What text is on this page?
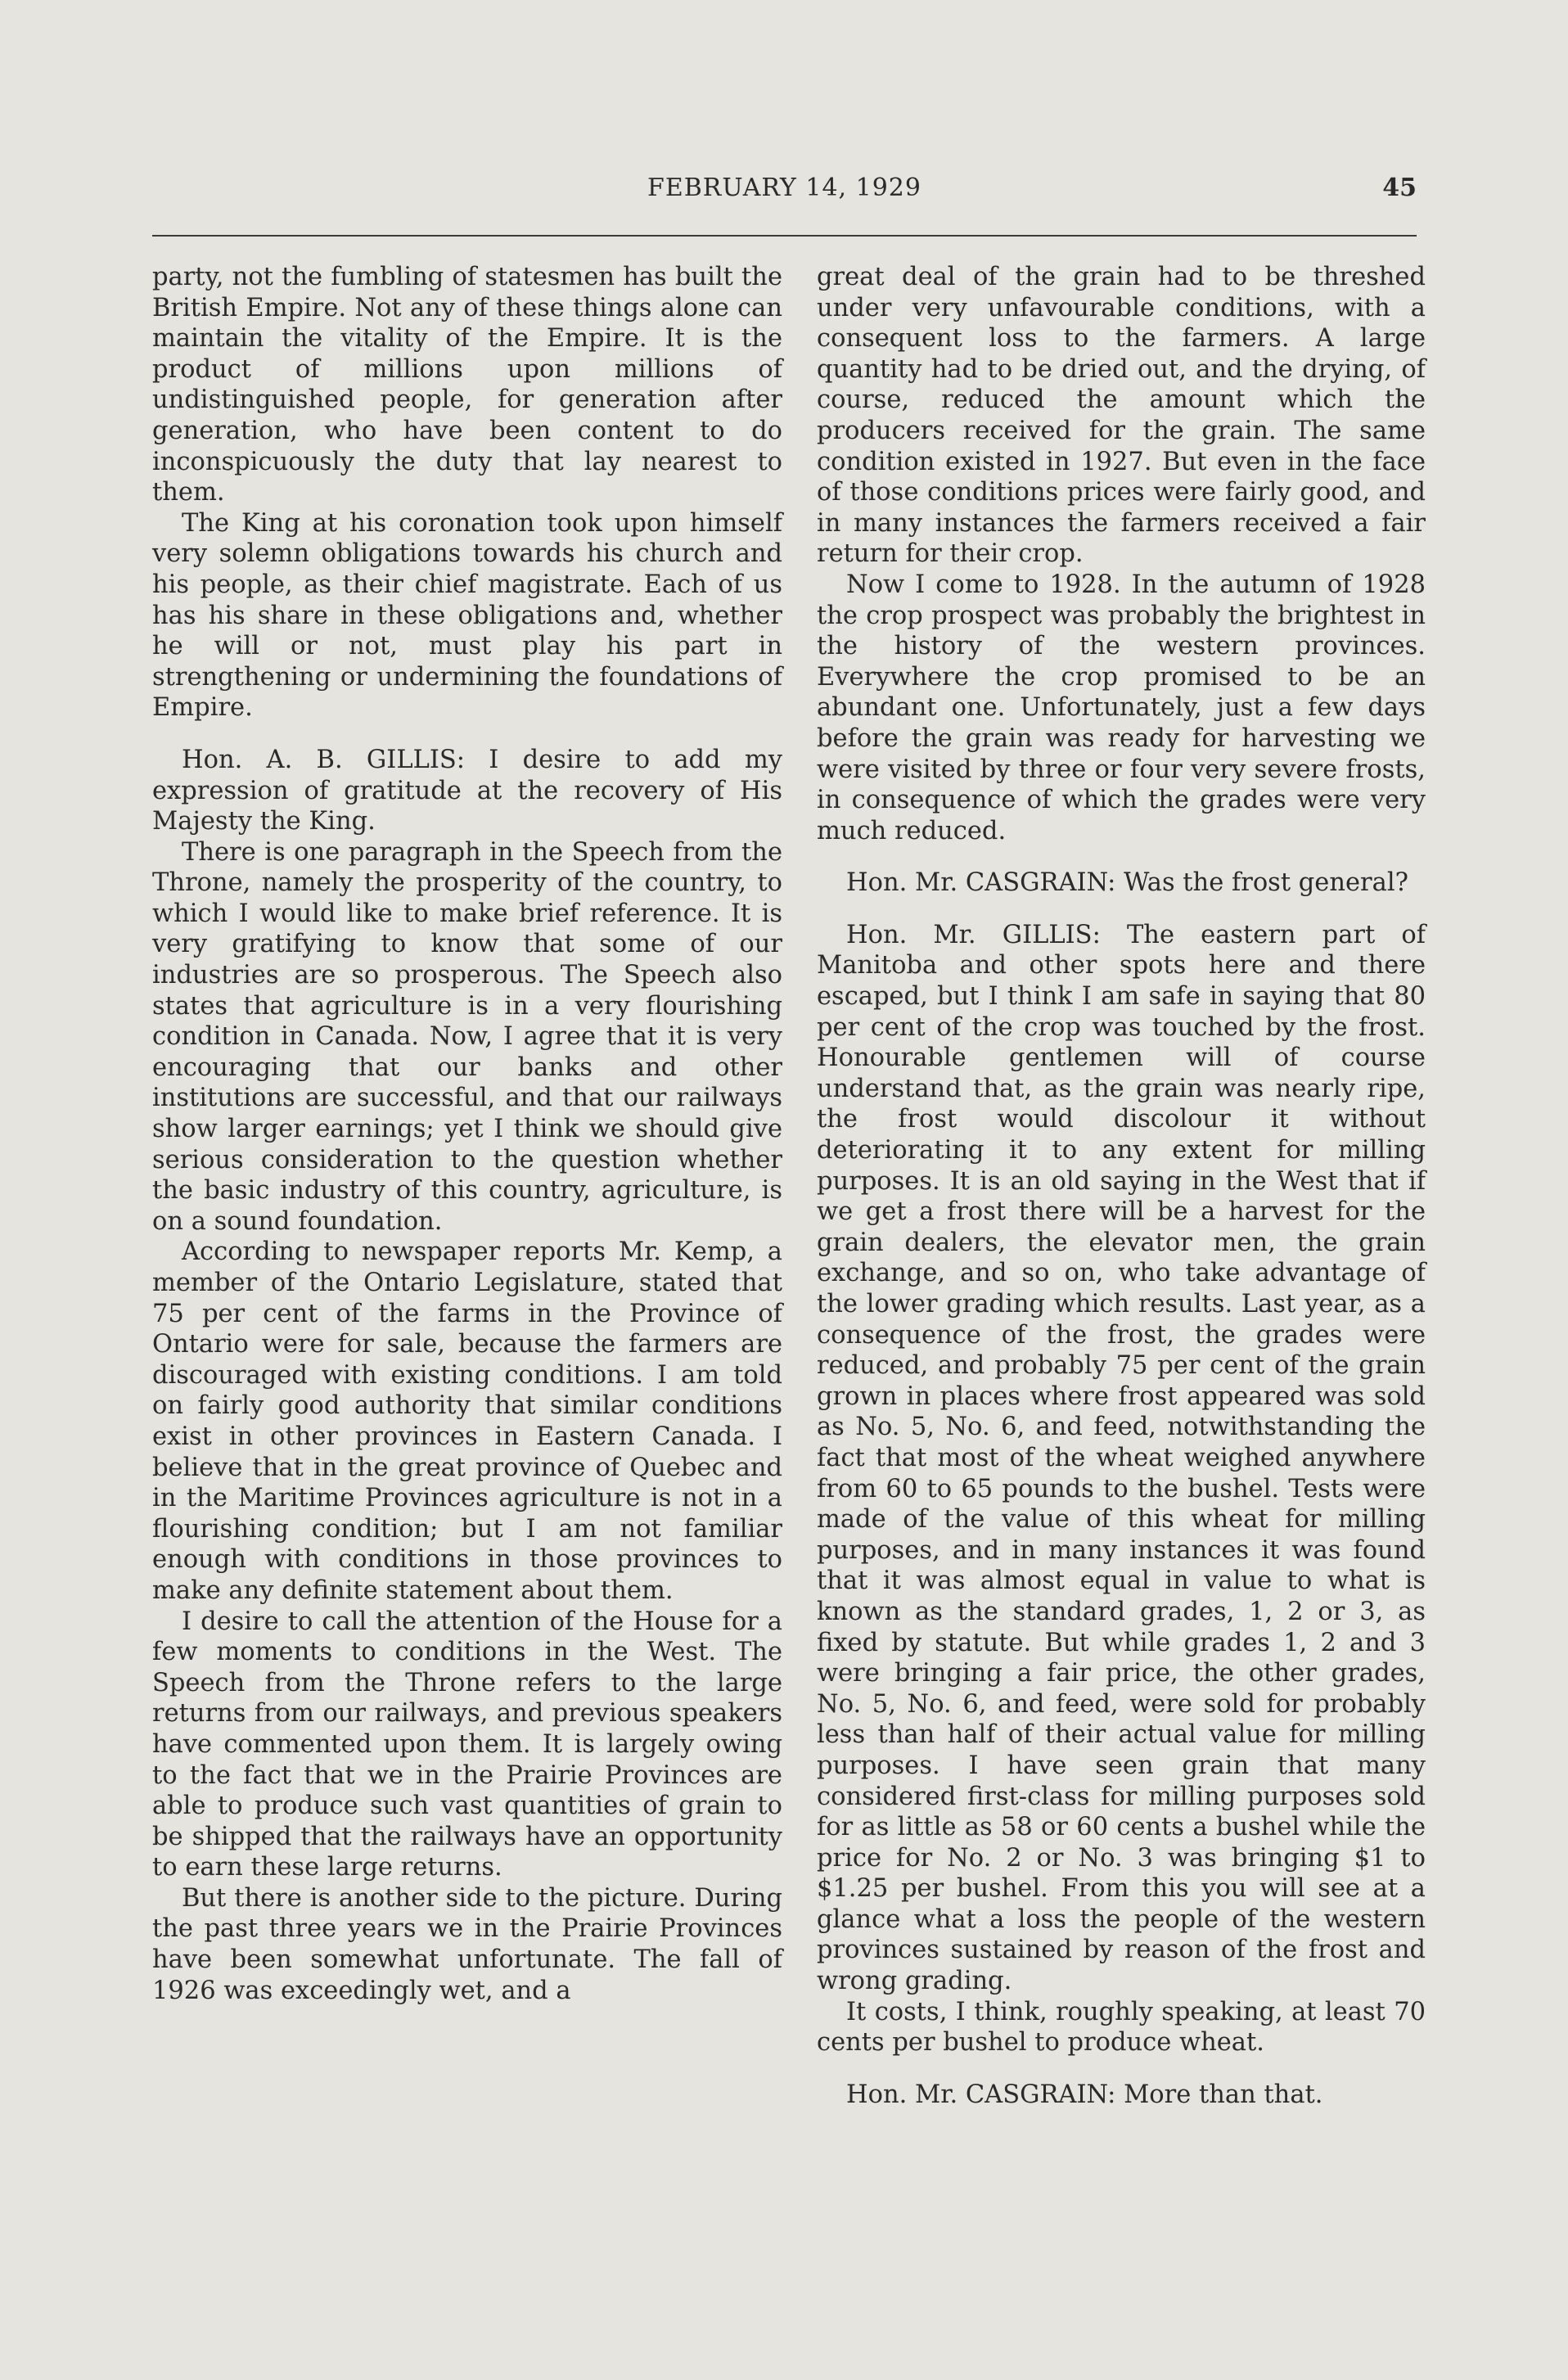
FEBRUARY 14, 1929	45

party, not the fumbling of statesmen has built the British Empire. Not any of these things alone can maintain the vitality of the Empire. It is the product of millions upon millions of undistinguished people, for generation after generation, who have been content to do inconspicuously the duty that lay nearest to them.

The King at his coronation took upon himself very solemn obligations towards his church and his people, as their chief magistrate. Each of us has his share in these obligations and, whether he will or not, must play his part in strengthening or undermining the foundations of Empire.

Hon. A. B. GILLIS: I desire to add my expression of gratitude at the recovery of His Majesty the King.

There is one paragraph in the Speech from the Throne, namely the prosperity of the country, to which I would like to make brief reference. It is very gratifying to know that some of our industries are so prosperous. The Speech also states that agriculture is in a very flourishing condition in Canada. Now, I agree that it is very encouraging that our banks and other institutions are successful, and that our railways show larger earnings; yet I think we should give serious consideration to the question whether the basic industry of this country, agriculture, is on a sound foundation.

According to newspaper reports Mr. Kemp, a member of the Ontario Legislature, stated that 75 per cent of the farms in the Province of Ontario were for sale, because the farmers are discouraged with existing conditions. I am told on fairly good authority that similar conditions exist in other provinces in Eastern Canada. I believe that in the great province of Quebec and in the Maritime Provinces agriculture is not in a flourishing condition; but I am not familiar enough with conditions in those provinces to make any definite statement about them.

I desire to call the attention of the House for a few moments to conditions in the West. The Speech from the Throne refers to the large returns from our railways, and previous speakers have commented upon them. It is largely owing to the fact that we in the Prairie Provinces are able to produce such vast quantities of grain to be shipped that the railways have an opportunity to earn these large returns.

But there is another side to the picture. During the past three years we in the Prairie Provinces have been somewhat unfortunate. The fall of 1926 was exceedingly wet, and a

great deal of the grain had to be threshed under very unfavourable conditions, with a consequent loss to the farmers. A large quantity had to be dried out, and the drying, of course, reduced the amount which the producers received for the grain. The same condition existed in 1927. But even in the face of those conditions prices were fairly good, and in many instances the farmers received a fair return for their crop.

Now I come to 1928. In the autumn of 1928 the crop prospect was probably the brightest in the history of the western provinces. Everywhere the crop promised to be an abundant one. Unfortunately, just a few days before the grain was ready for harvesting we were visited by three or four very severe frosts, in consequence of which the grades were very much reduced.

Hon. Mr. CASGRAIN: Was the frost general?

Hon. Mr. GILLIS: The eastern part of Manitoba and other spots here and there escaped, but I think I am safe in saying that 80 per cent of the crop was touched by the frost. Honourable gentlemen will of course understand that, as the grain was nearly ripe, the frost would discolour it without deteriorating it to any extent for milling purposes. It is an old saying in the West that if we get a frost there will be a harvest for the grain dealers, the elevator men, the grain exchange, and so on, who take advantage of the lower grading which results. Last year, as a consequence of the frost, the grades were reduced, and probably 75 per cent of the grain grown in places where frost appeared was sold as No. 5, No. 6, and feed, notwithstanding the fact that most of the wheat weighed anywhere from 60 to 65 pounds to the bushel. Tests were made of the value of this wheat for milling purposes, and in many instances it was found that it was almost equal in value to what is known as the standard grades, 1, 2 or 3, as fixed by statute. But while grades 1, 2 and 3 were bringing a fair price, the other grades, No. 5, No. 6, and feed, were sold for probably less than half of their actual value for milling purposes. I have seen grain that many considered first-class for milling purposes sold for as little as 58 or 60 cents a bushel while the price for No. 2 or No. 3 was bringing $1 to $1.25 per bushel. From this you will see at a glance what a loss the people of the western provinces sustained by reason of the frost and wrong grading.

It costs, I think, roughly speaking, at least 70 cents per bushel to produce wheat.

Hon. Mr. CASGRAIN: More than that.
